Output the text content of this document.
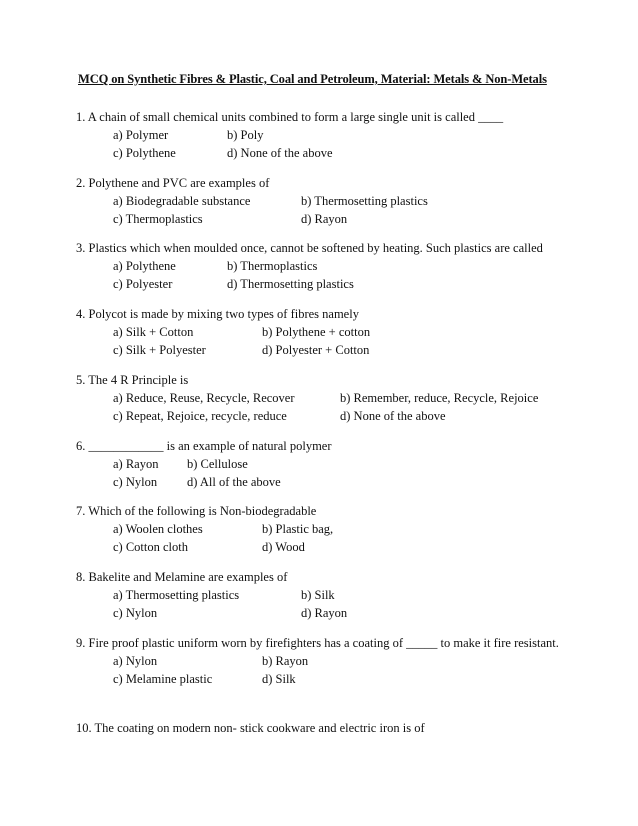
MCQ on Synthetic Fibres & Plastic, Coal and Petroleum, Material: Metals & Non-Metals
1. A chain of small chemical units combined to form a large single unit is called ____
a) Polymer	b) Poly
c) Polythene	d) None of the above
2. Polythene and PVC are examples of
a) Biodegradable substance	b) Thermosetting plastics
c) Thermoplastics	d) Rayon
3. Plastics which when moulded once, cannot be softened by heating. Such plastics are called
a) Polythene	b) Thermoplastics
c) Polyester	d) Thermosetting plastics
4. Polycot is made by mixing two types of fibres namely
a) Silk + Cotton	b) Polythene + cotton
c) Silk + Polyester	d) Polyester + Cotton
5. The 4 R Principle is
a) Reduce, Reuse, Recycle, Recover	b) Remember, reduce, Recycle, Rejoice
c) Repeat, Rejoice, recycle, reduce	d) None of the above
6. ____________ is an example of natural polymer
a) Rayon b) Cellulose
c) Nylon d) All of the above
7. Which of the following is Non-biodegradable
a) Woolen clothes	b) Plastic bag,
c) Cotton cloth	d) Wood
8. Bakelite and Melamine are examples of
a) Thermosetting plastics	b) Silk
c) Nylon	d) Rayon
9. Fire proof plastic uniform worn by firefighters has a coating of _____ to make it fire resistant.
a) Nylon	b) Rayon
c) Melamine plastic	d) Silk
10. The coating on modern non- stick cookware and electric iron is of
